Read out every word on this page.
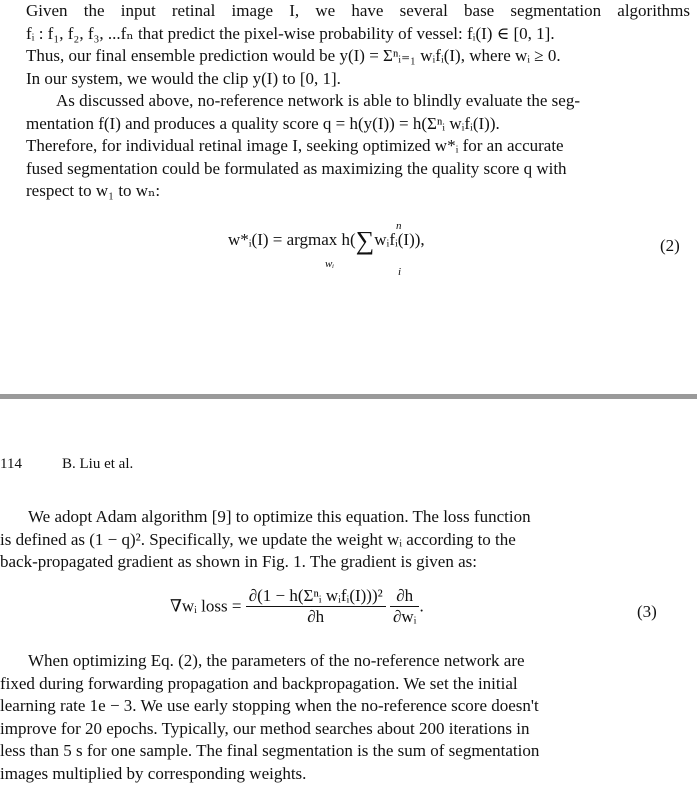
Given the input retinal image I, we have several base segmentation algorithms
fᵢ : f₁, f₂, f₃, ...fₙ that predict the pixel-wise probability of vessel: fᵢ(I) ∈ [0, 1].
Thus, our final ensemble prediction would be y(I) = Σⁿᵢ₌₁ wᵢfᵢ(I), where wᵢ ≥ 0.
In our system, we would the clip y(I) to [0, 1].
As discussed above, no-reference network is able to blindly evaluate the seg-
mentation f(I) and produces a quality score q = h(y(I)) = h(Σⁿᵢ wᵢfᵢ(I)).
Therefore, for individual retinal image I, seeking optimized w*ᵢ for an accurate
fused segmentation could be formulated as maximizing the quality score q with
respect to w₁ to wₙ:
w*ᵢ(I) = argmax h(∑wᵢfᵢ(I)),
wᵢ
n
i
(2)
114	B. Liu et al.
We adopt Adam algorithm [9] to optimize this equation. The loss function
is defined as (1 − q)². Specifically, we update the weight wᵢ according to the
back-propagated gradient as shown in Fig. 1. The gradient is given as:
∇wᵢ loss = $\frac{\text{∂(1 − h(Σⁿᵢ wᵢfᵢ(I)))²}}{\partial h}$
$\frac{\partial h}{\text{∂wᵢ}}$ .	(3)
When optimizing Eq. (2), the parameters of the no-reference network are
fixed during forwarding propagation and backpropagation. We set the initial
learning rate 1e − 3. We use early stopping when the no-reference score doesn't
improve for 20 epochs. Typically, our method searches about 200 iterations in
less than 5 s for one sample. The final segmentation is the sum of segmentation
images multiplied by corresponding weights.
